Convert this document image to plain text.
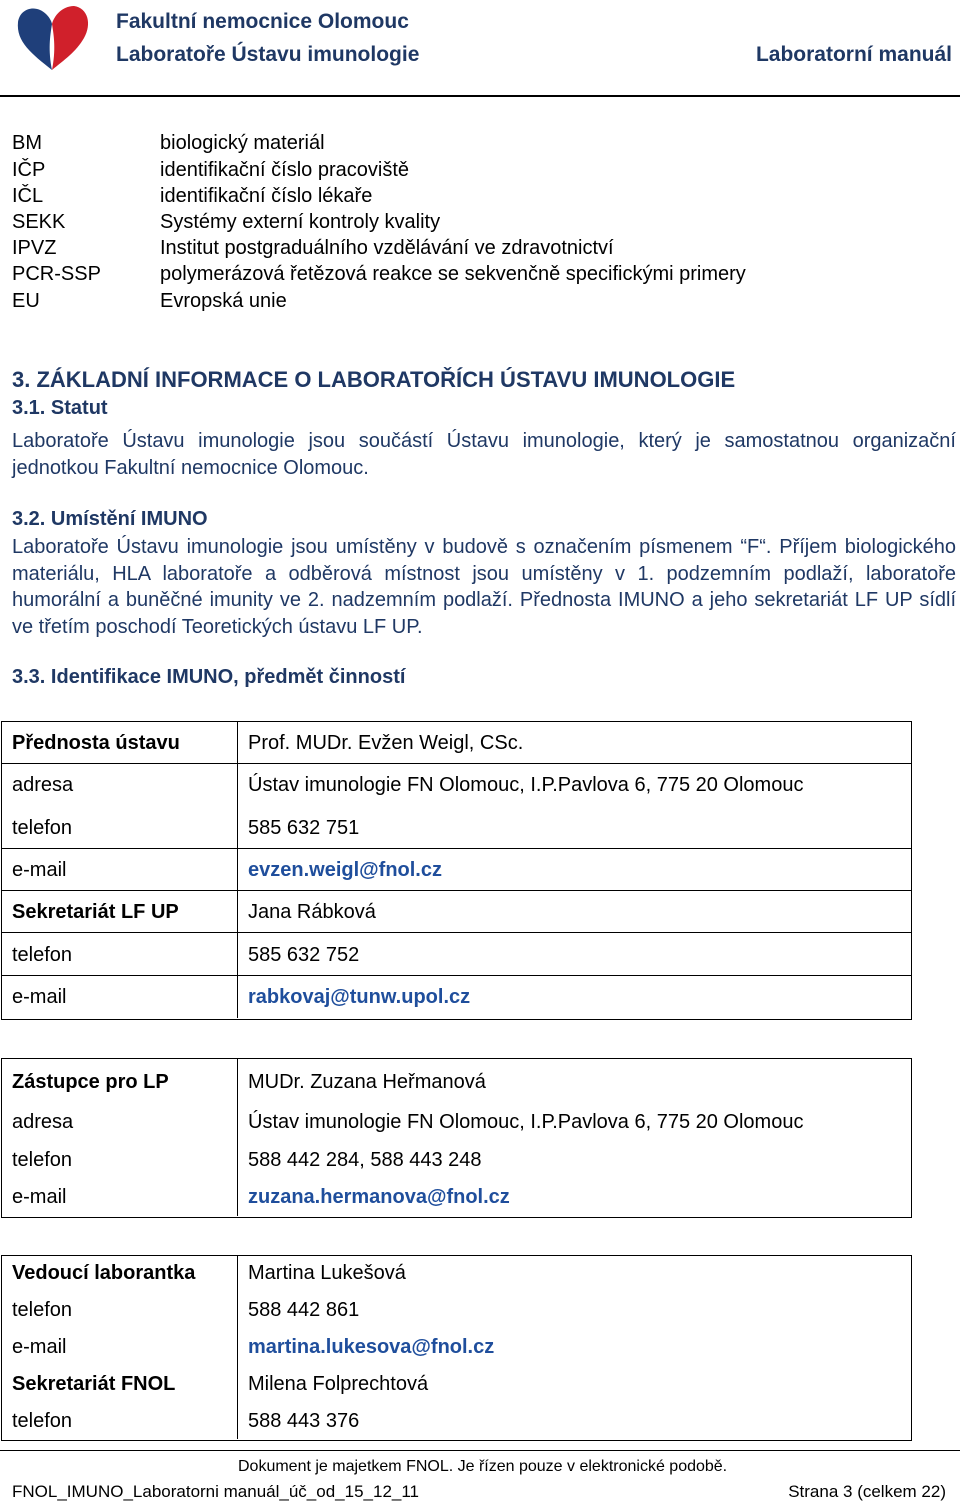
Fakultní nemocnice Olomouc
Laboratoře Ústavu imunologie	Laboratorní manuál
BM	biologický materiál
IČP	identifikační číslo pracoviště
IČL	identifikační číslo lékaře
SEKK	Systémy externí kontroly kvality
IPVZ	Institut postgraduálního vzdělávání ve zdravotnictví
PCR-SSP	polymerázová řetězová reakce se sekvenčně specifickými primery
EU	Evropská unie
3. ZÁKLADNÍ INFORMACE O LABORATOŘÍCH ÚSTAVU IMUNOLOGIE
3.1. Statut
Laboratoře Ústavu imunologie jsou součástí Ústavu imunologie, který je samostatnou organizační jednotkou Fakultní nemocnice Olomouc.
3.2. Umístění IMUNO
Laboratoře Ústavu imunologie jsou umístěny v budově s označením písmenem “F“. Příjem biologického materiálu, HLA laboratoře a odběrová místnost jsou umístěny v 1. podzemním podlaží, laboratoře humorální a buněčné imunity ve 2. nadzemním podlaží. Přednosta IMUNO a jeho sekretariát LF UP sídlí ve třetím poschodí Teoretických ústavu LF UP.
3.3. Identifikace IMUNO, předmět činností
Přednosta ústavu	Prof. MUDr. Evžen Weigl, CSc.
adresa	Ústav imunologie FN Olomouc, I.P.Pavlova 6, 775 20 Olomouc
telefon	585 632 751
e-mail	evzen.weigl@fnol.cz
Sekretariát LF UP	Jana Rábková
telefon	585 632 752
e-mail	rabkovaj@tunw.upol.cz
Zástupce pro LP	MUDr. Zuzana Heřmanová
adresa	Ústav imunologie FN Olomouc, I.P.Pavlova 6, 775 20 Olomouc
telefon	588 442 284, 588 443 248
e-mail	zuzana.hermanova@fnol.cz
Vedoucí laborantka	Martina Lukešová
telefon	588 442 861
e-mail	martina.lukesova@fnol.cz
Sekretariát FNOL	Milena Folprechtová
telefon	588 443 376
Dokument je majetkem FNOL. Je řízen pouze v elektronické podobě.
FNOL_IMUNO_Laboratorni manuál_úč_od_15_12_11	Strana 3 (celkem 22)
